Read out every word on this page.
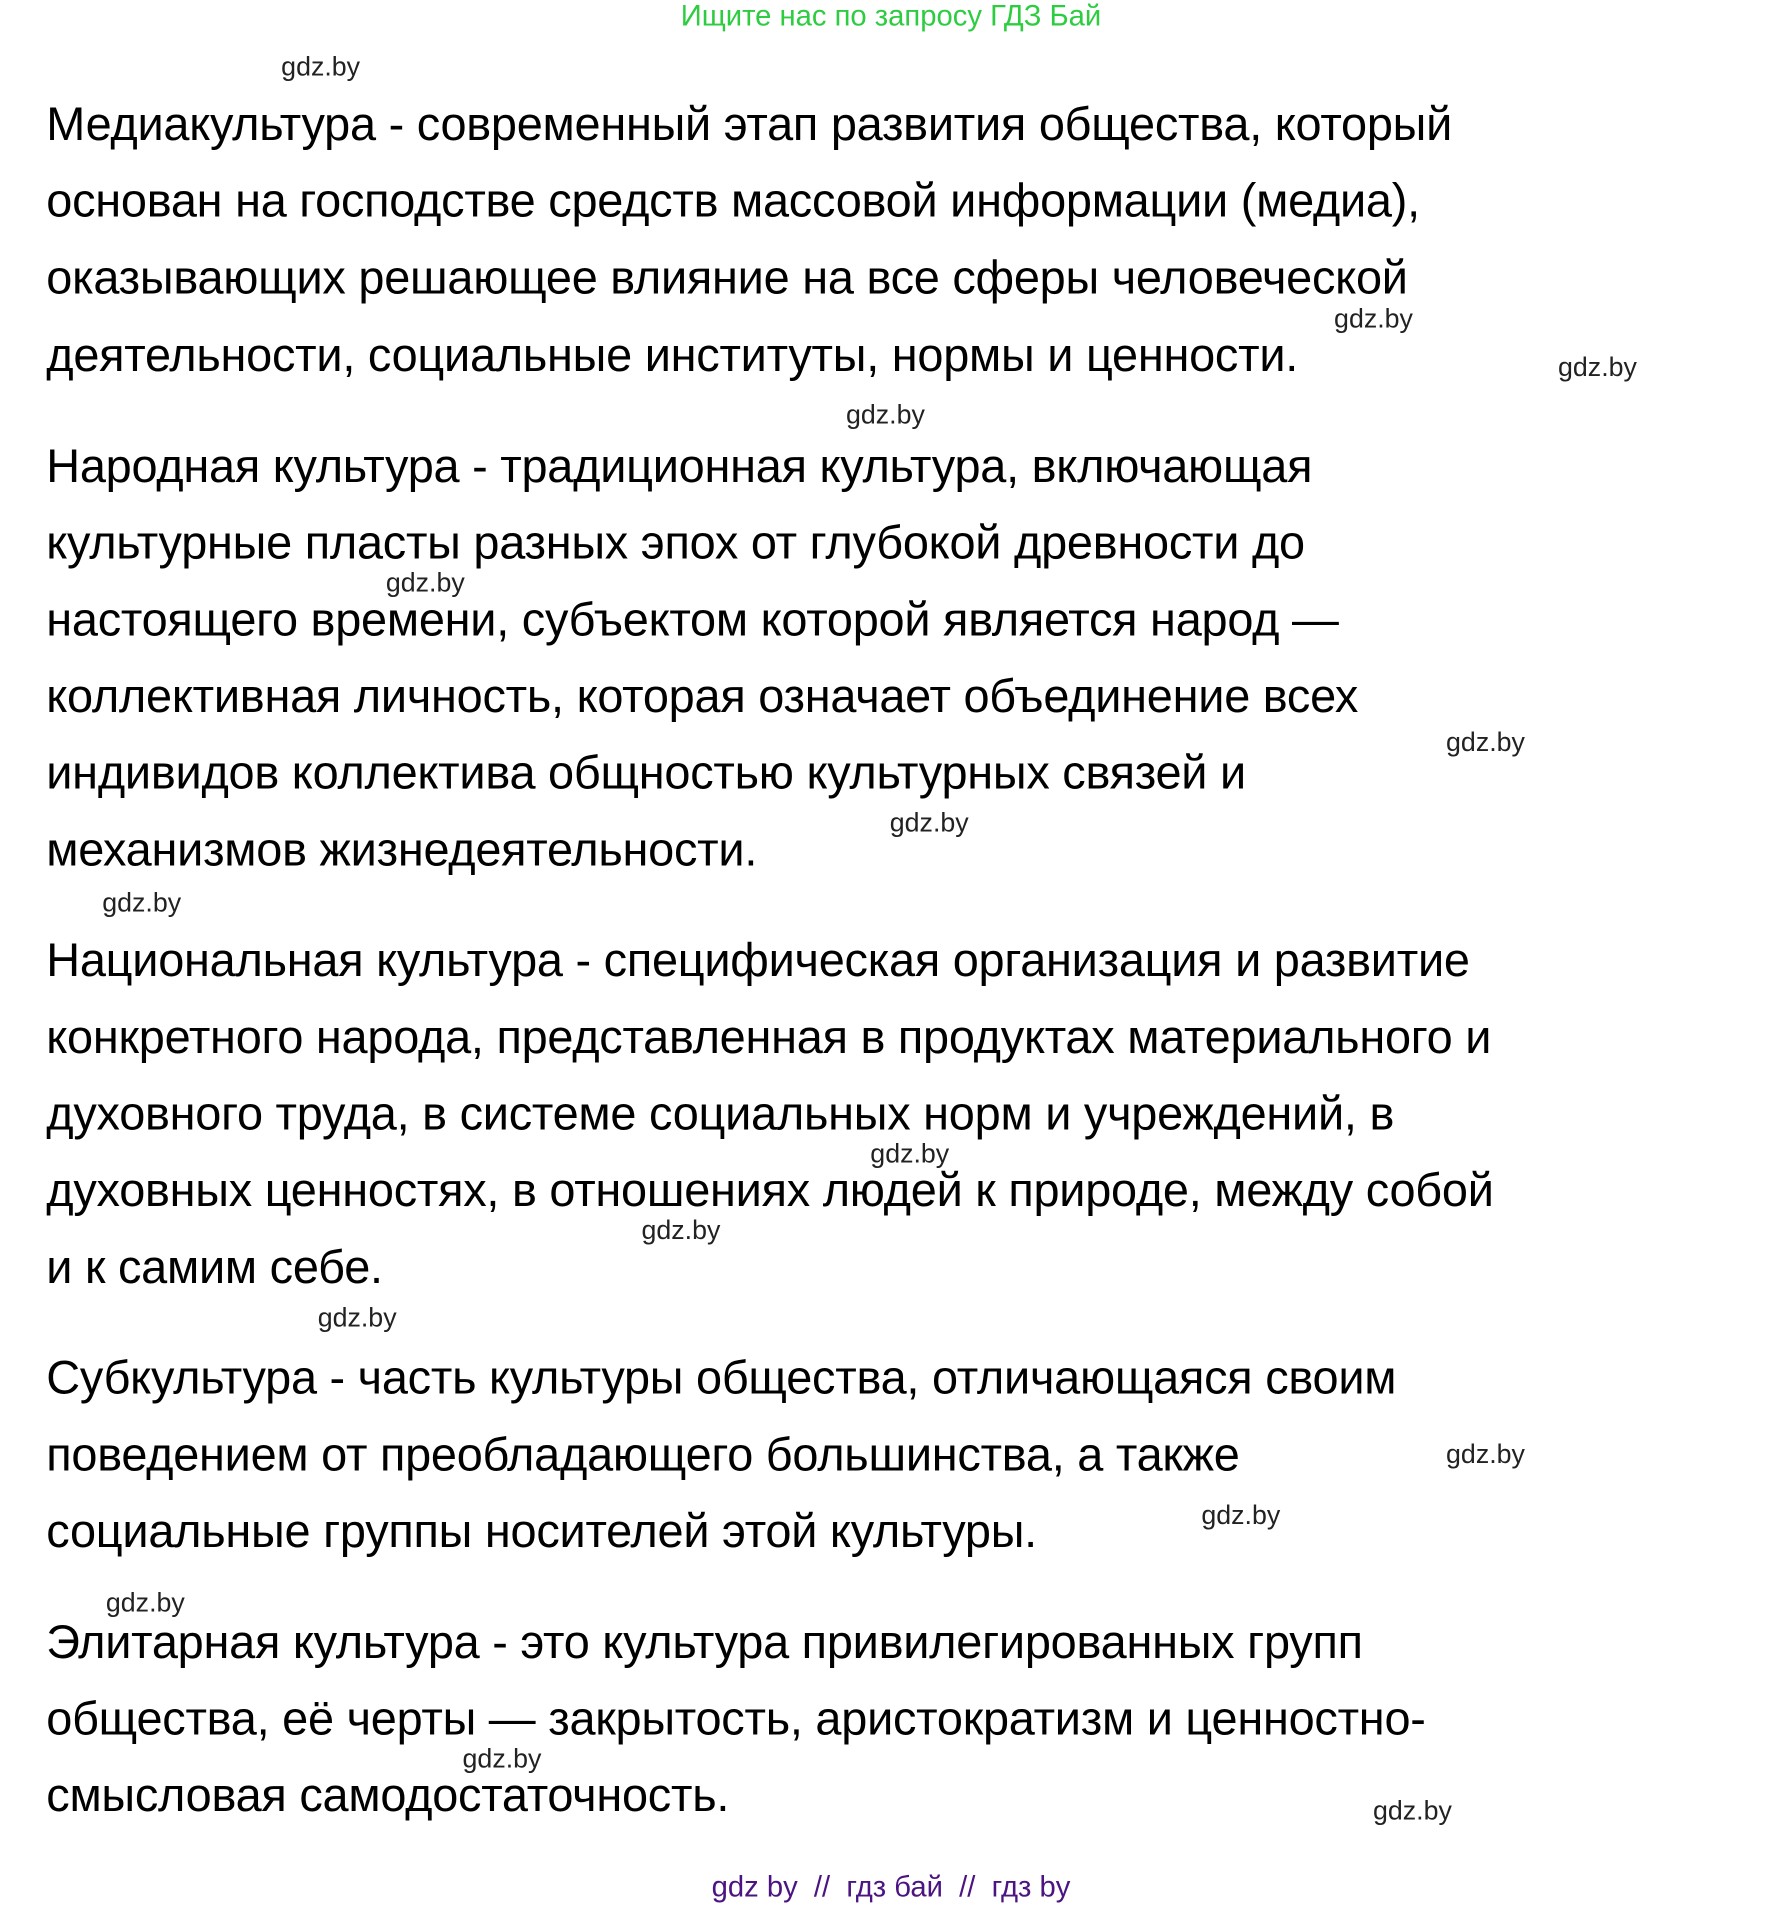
Ищите нас по запросу ГДЗ Бай
Медиакультура - современный этап развития общества, который
основан на господстве средств массовой информации (медиа),
оказывающих решающее влияние на все сферы человеческой
деятельности, социальные институты, нормы и ценности.
Народная культура - традиционная культура, включающая
культурные пласты разных эпох от глубокой древности до
настоящего времени, субъектом которой является народ —
коллективная личность, которая означает объединение всех
индивидов коллектива общностью культурных связей и
механизмов жизнедеятельности.
Национальная культура - специфическая организация и развитие
конкретного народа, представленная в продуктах материального и
духовного труда, в системе социальных норм и учреждений, в
духовных ценностях, в отношениях людей к природе, между собой
и к самим себе.
Субкультура - часть культуры общества, отличающаяся своим
поведением от преобладающего большинства, а также
социальные группы носителей этой культуры.
Элитарная культура - это культура привилегированных групп
общества, её черты — закрытость, аристократизм и ценностно-
смысловая самодостаточность.
gdz.by
gdz.by
gdz.by
gdz.by
gdz.by
gdz.by
gdz.by
gdz.by
gdz.by
gdz.by
gdz.by
gdz.by
gdz.by
gdz.by
gdz.by
gdz.by
gdz by  //  гдз бай  //  гдз by
